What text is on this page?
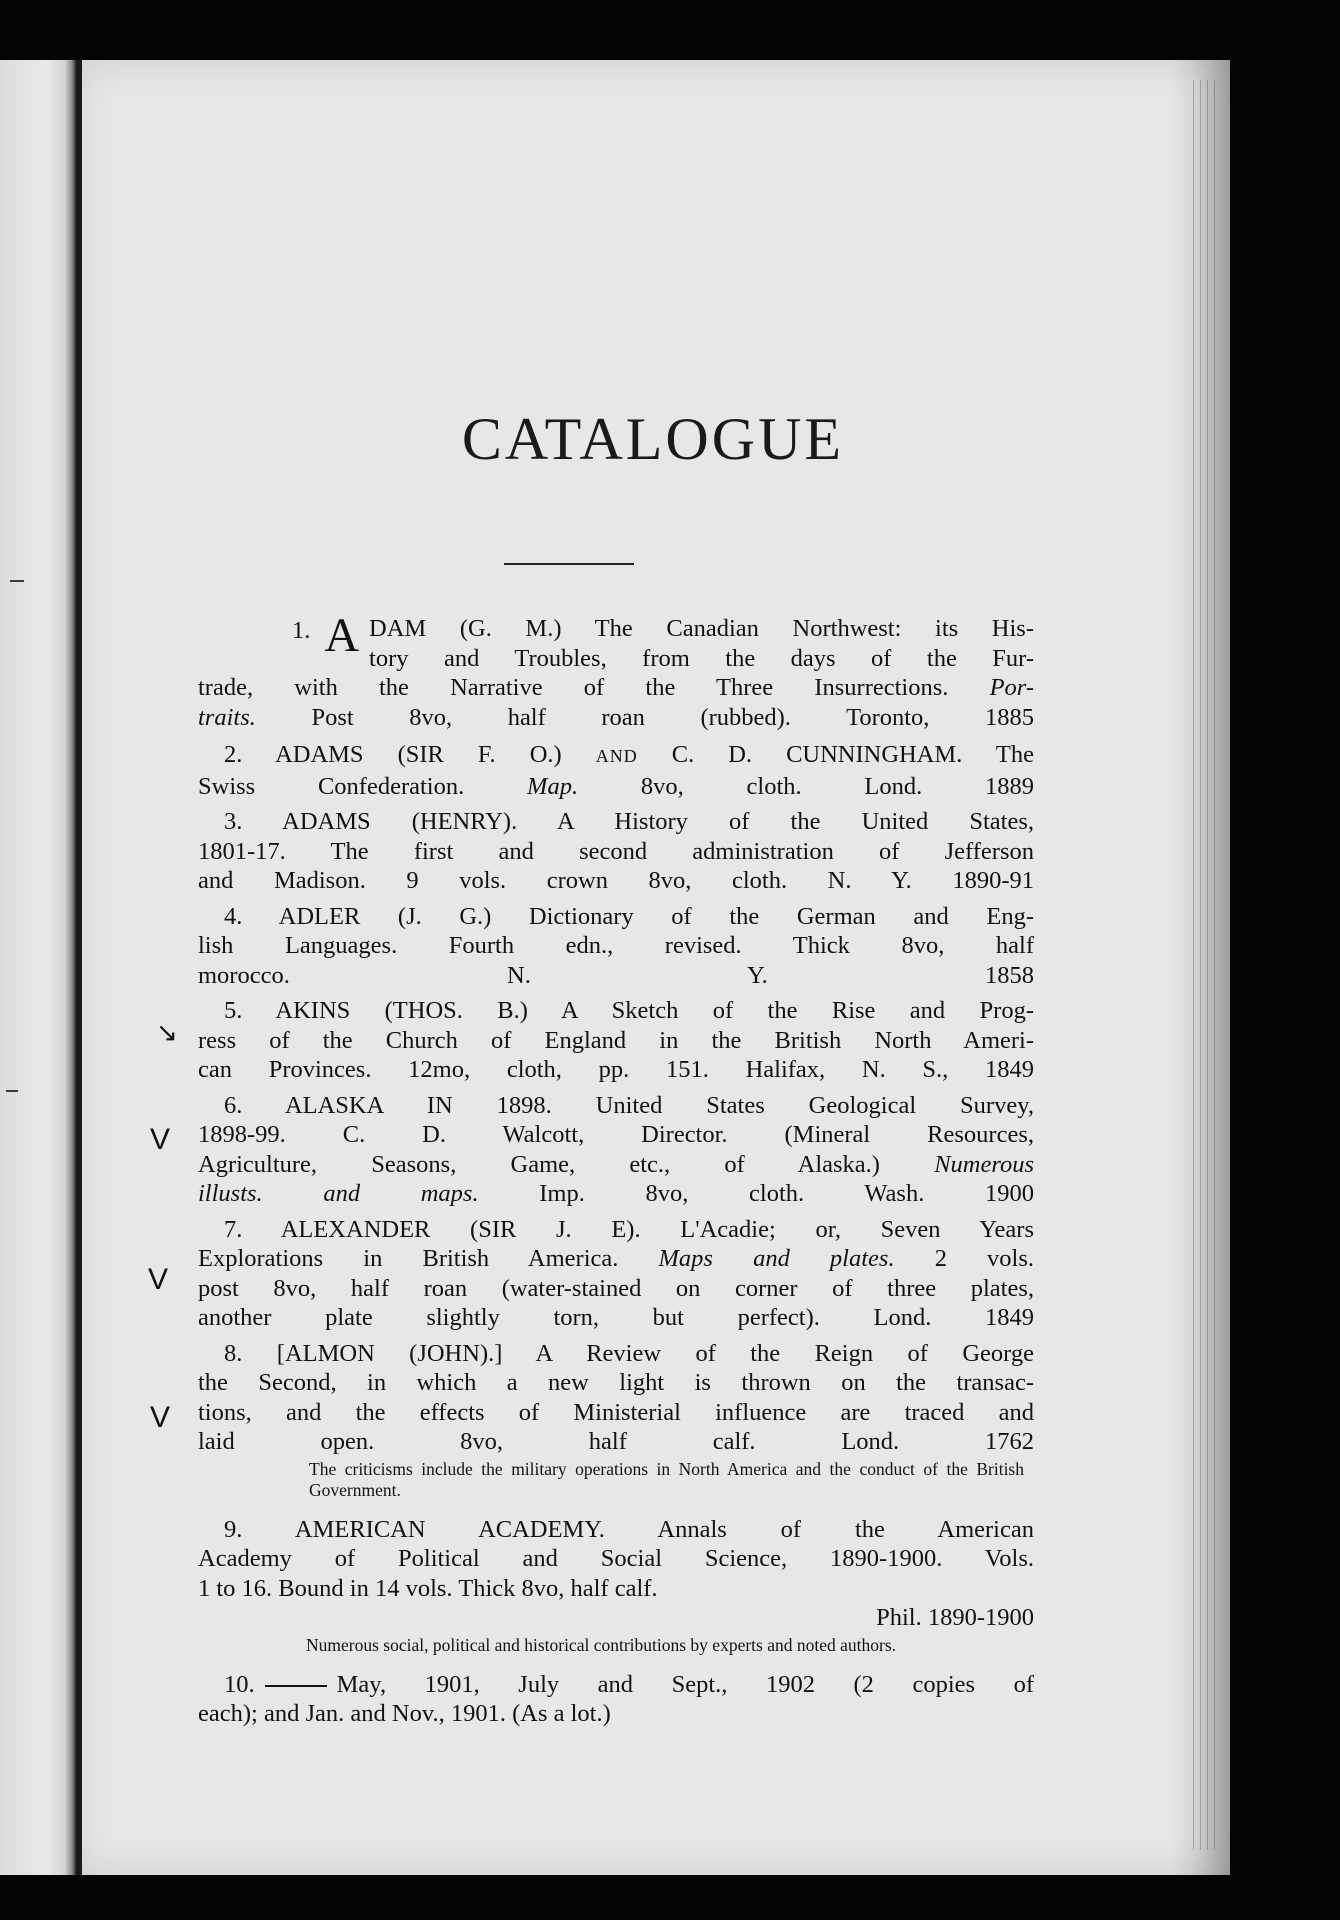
CATALOGUE
1. A DAM (G. M.) The Canadian Northwest: its His-
tory and Troubles, from the days of the Fur-
trade, with the Narrative of the Three Insurrections. Por-
traits. Post 8vo, half roan (rubbed). Toronto, 1885
2. ADAMS (SIR F. O.) AND C. D. CUNNINGHAM. The
Swiss Confederation.	Map.	8vo, cloth.	Lond. 1889
3. ADAMS (HENRY). A History of the United States,
1801-17. The first and second administration of Jefferson
and Madison. 9 vols. crown 8vo, cloth. N. Y. 1890-91
4. ADLER (J. G.) Dictionary of the German and Eng-
lish Languages. Fourth edn., revised. Thick 8vo, half
morocco.	N. Y. 1858
5. AKINS (THOS. B.) A Sketch of the Rise and Prog-
ress of the Church of England in the British North Ameri-
can Provinces. 12mo, cloth, pp. 151. Halifax, N. S., 1849
↘
6. ALASKA IN 1898. United States Geological Survey,
1898-99. C. D. Walcott, Director. (Mineral Resources,
Agriculture, Seasons, Game, etc., of Alaska.) Numerous
illusts. and maps. Imp. 8vo, cloth. Wash. 1900
V
7. ALEXANDER (SIR J. E). L'Acadie; or, Seven Years
Explorations in British America. Maps and plates. 2 vols.
post 8vo, half roan (water-stained on corner of three plates,
another plate slightly torn, but perfect). Lond. 1849
V
8. [ALMON (JOHN).] A Review of the Reign of George
the Second, in which a new light is thrown on the transac-
tions, and the effects of Ministerial influence are traced and
laid open. 8vo, half calf.	Lond. 1762
The criticisms include the military operations in North America and the conduct of the British Government.
V
9. AMERICAN ACADEMY. Annals of the American
Academy of Political and Social Science, 1890-1900. Vols.
1 to 16. Bound in 14 vols. Thick 8vo, half calf.
Phil. 1890-1900
Numerous social, political and historical contributions by experts and noted authors.
10.	May, 1901, July and Sept., 1902 (2 copies of
each); and Jan. and Nov., 1901. (As a lot.)
